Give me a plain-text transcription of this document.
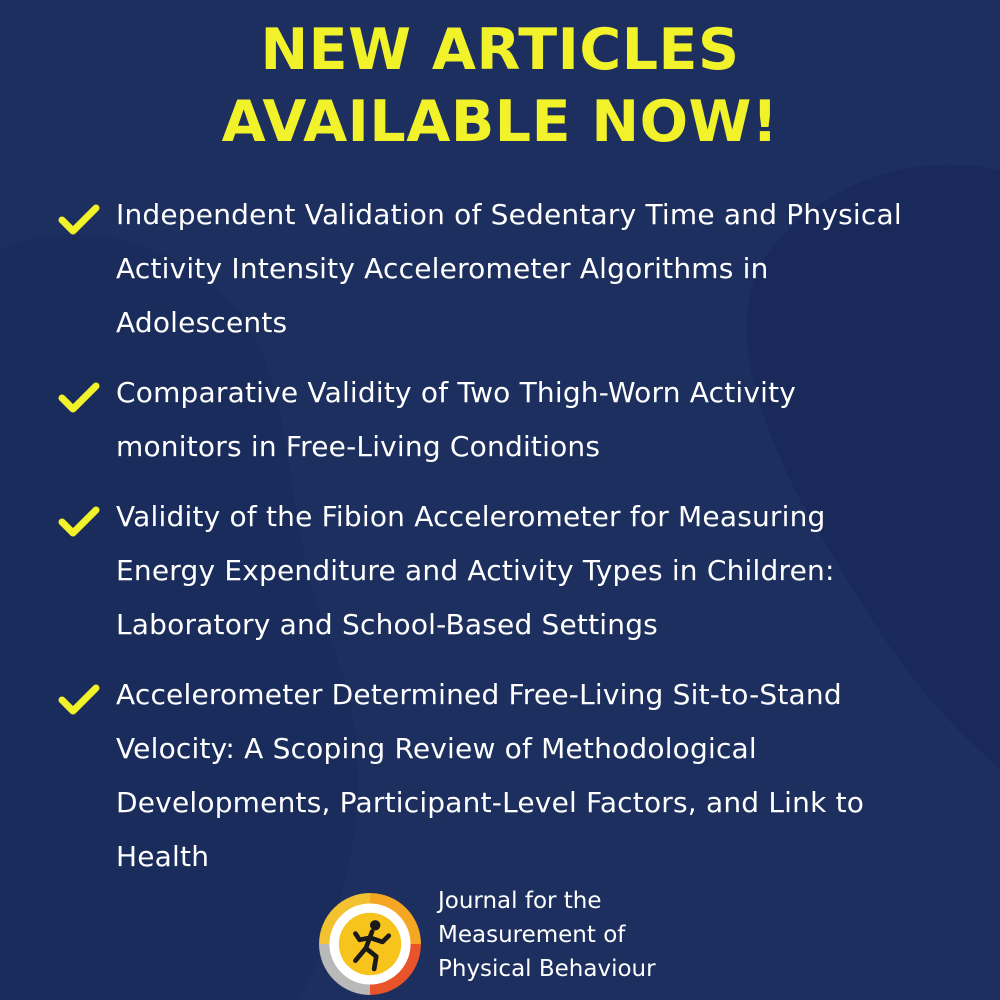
NEW ARTICLES
AVAILABLE NOW!
Independent Validation of Sedentary Time and Physical
Activity Intensity Accelerometer Algorithms in
Adolescents
Comparative Validity of Two Thigh-Worn Activity
monitors in Free-Living Conditions
Validity of the Fibion Accelerometer for Measuring
Energy Expenditure and Activity Types in Children:
Laboratory and School-Based Settings
Accelerometer Determined Free-Living Sit-to-Stand
Velocity: A Scoping Review of Methodological
Developments, Participant-Level Factors, and Link to
Health
Journal for the
Measurement of
Physical Behaviour
